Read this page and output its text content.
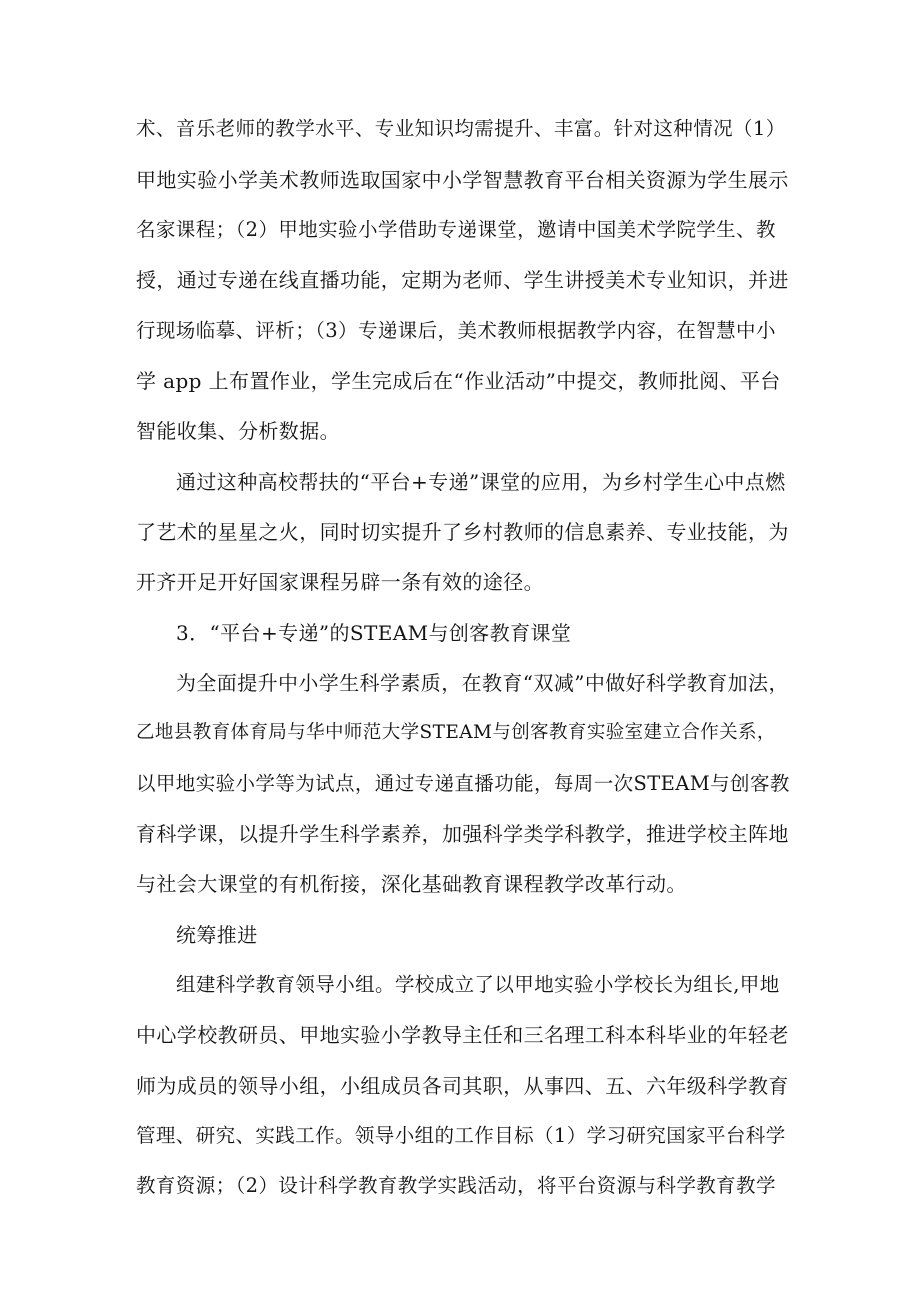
术、音乐老师的教学水平、专业知识均需提升、丰富。针对这种情况（1）
甲地实验小学美术教师选取国家中小学智慧教育平台相关资源为学生展示
名家课程；（2）甲地实验小学借助专递课堂，邀请中国美术学院学生、教
授，通过专递在线直播功能，定期为老师、学生讲授美术专业知识，并进
行现场临摹、评析；（3）专递课后，美术教师根据教学内容，在智慧中小
学 app 上布置作业，学生完成后在“作业活动”中提交，教师批阅、平台
智能收集、分析数据。
通过这种高校帮扶的“平台+专递”课堂的应用，为乡村学生心中点燃
了艺术的星星之火，同时切实提升了乡村教师的信息素养、专业技能，为
开齐开足开好国家课程另辟一条有效的途径。
3．“平台+专递”的STEAM与创客教育课堂
为全面提升中小学生科学素质，在教育“双减”中做好科学教育加法，
乙地县教育体育局与华中师范大学STEAM与创客教育实验室建立合作关系，
以甲地实验小学等为试点，通过专递直播功能，每周一次STEAM与创客教
育科学课，以提升学生科学素养，加强科学类学科教学，推进学校主阵地
与社会大课堂的有机衔接，深化基础教育课程教学改革行动。
统筹推进
组建科学教育领导小组。学校成立了以甲地实验小学校长为组长,甲地
中心学校教研员、甲地实验小学教导主任和三名理工科本科毕业的年轻老
师为成员的领导小组，小组成员各司其职，从事四、五、六年级科学教育
管理、研究、实践工作。领导小组的工作目标（1）学习研究国家平台科学
教育资源；（2）设计科学教育教学实践活动，将平台资源与科学教育教学
